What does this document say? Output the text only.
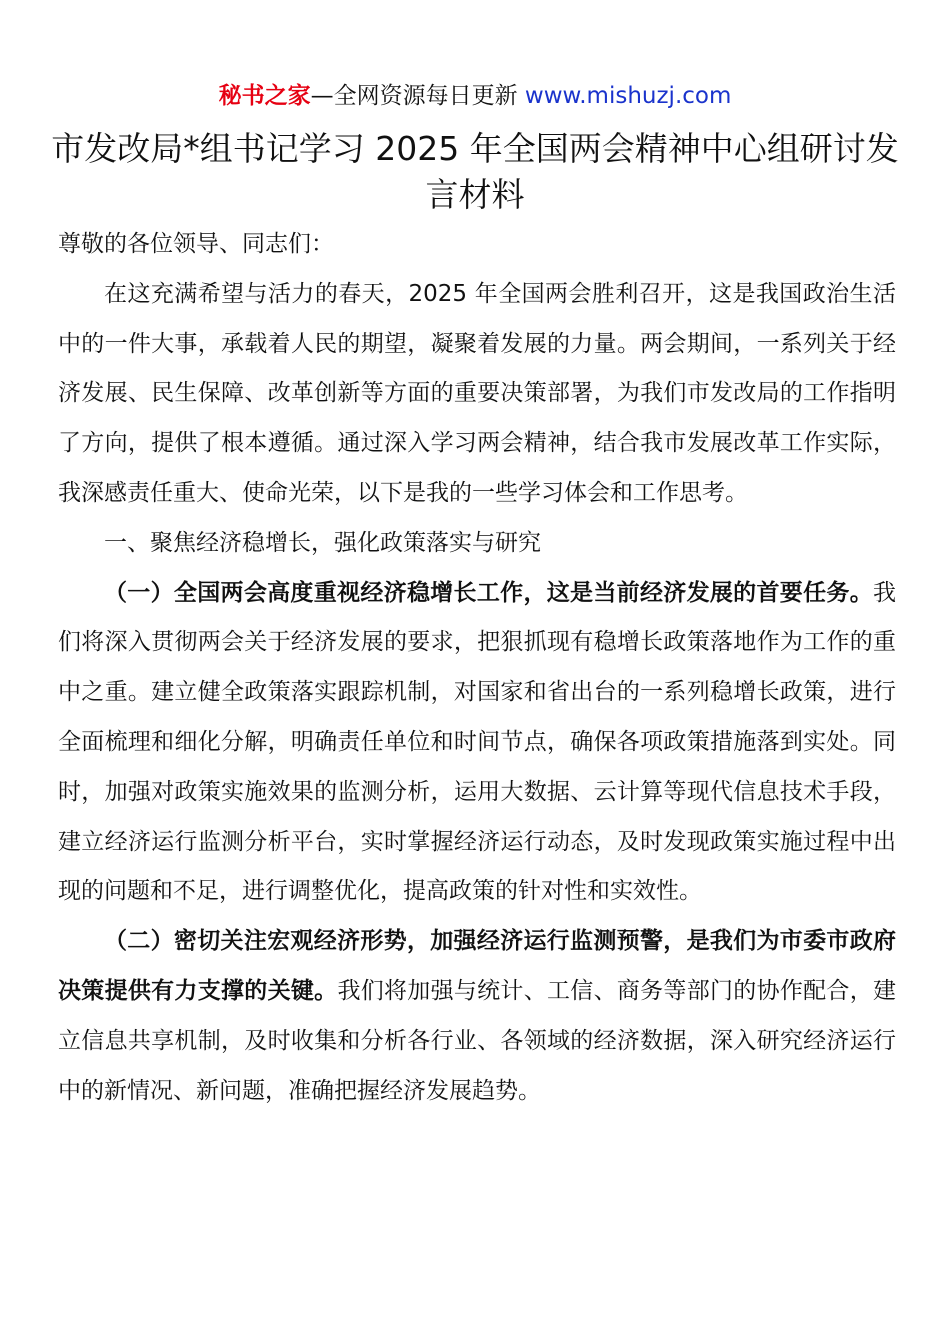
秘书之家—全网资源每日更新 www.mishuzj.com
市发改局*组书记学习 2025 年全国两会精神中心组研讨发言材料

尊敬的各位领导、同志们：

在这充满希望与活力的春天，2025 年全国两会胜利召开，这是我国政治生活中的一件大事，承载着人民的期望，凝聚着发展的力量。两会期间，一系列关于经济发展、民生保障、改革创新等方面的重要决策部署，为我们市发改局的工作指明了方向，提供了根本遵循。通过深入学习两会精神，结合我市发展改革工作实际，我深感责任重大、使命光荣，以下是我的一些学习体会和工作思考。

一、聚焦经济稳增长，强化政策落实与研究

（一）全国两会高度重视经济稳增长工作，这是当前经济发展的首要任务。我们将深入贯彻两会关于经济发展的要求，把狠抓现有稳增长政策落地作为工作的重中之重。建立健全政策落实跟踪机制，对国家和省出台的一系列稳增长政策，进行全面梳理和细化分解，明确责任单位和时间节点，确保各项政策措施落到实处。同时，加强对政策实施效果的监测分析，运用大数据、云计算等现代信息技术手段，建立经济运行监测分析平台，实时掌握经济运行动态，及时发现政策实施过程中出现的问题和不足，进行调整优化，提高政策的针对性和实效性。

（二）密切关注宏观经济形势，加强经济运行监测预警，是我们为市委市政府决策提供有力支撑的关键。我们将加强与统计、工信、商务等部门的协作配合，建立信息共享机制，及时收集和分析各行业、各领域的经济数据，深入研究经济运行中的新情况、新问题，准确把握经济发展趋势。
